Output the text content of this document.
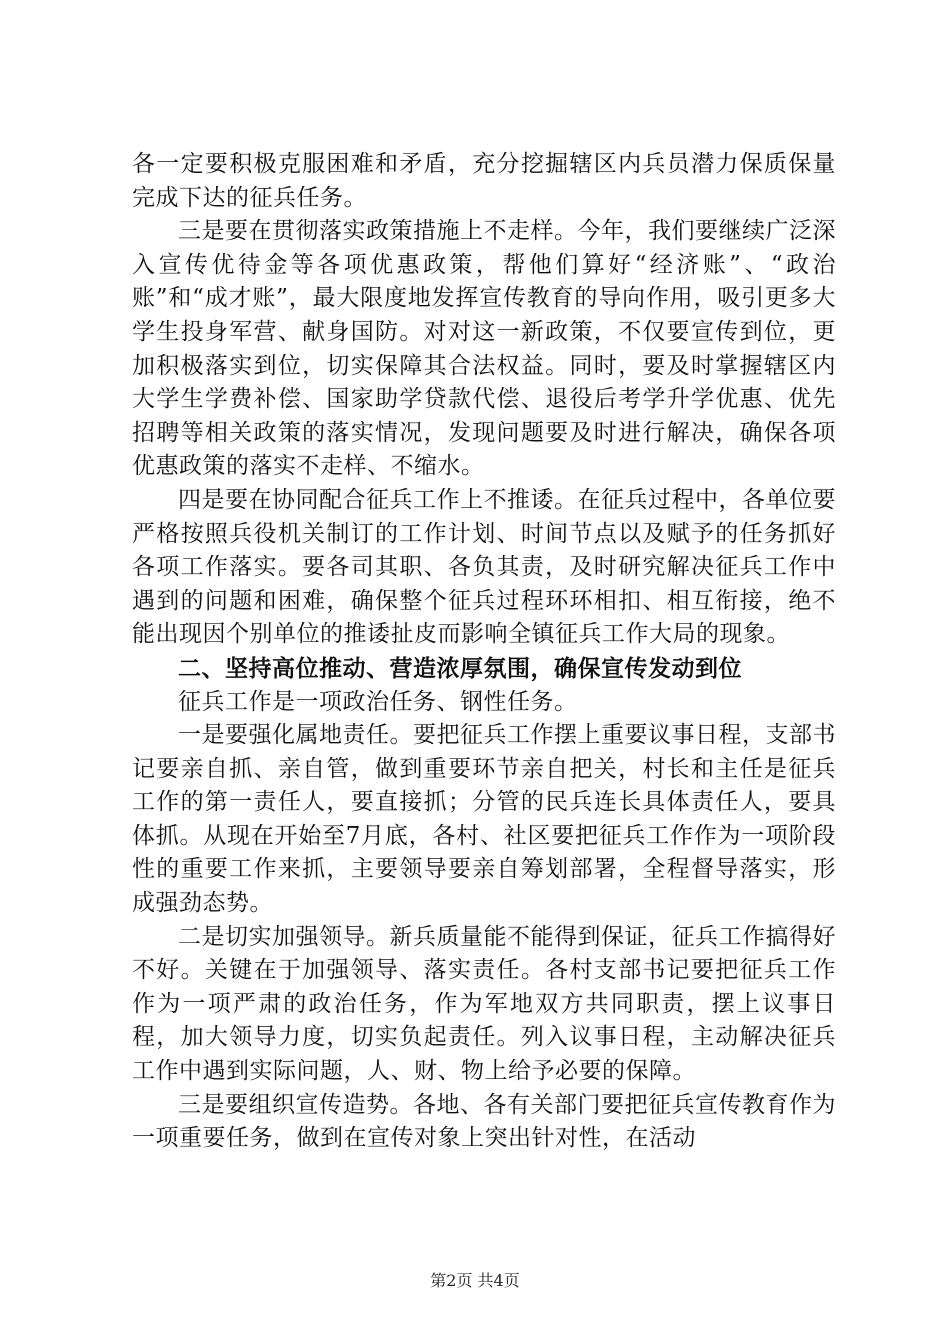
各一定要积极克服困难和矛盾，充分挖掘辖区内兵员潜力保质保量完成下达的征兵任务。

三是要在贯彻落实政策措施上不走样。今年，我们要继续广泛深入宣传优待金等各项优惠政策，帮他们算好“经济账”、“政治账”和“成才账”，最大限度地发挥宣传教育的导向作用，吸引更多大学生投身军营、献身国防。对对这一新政策，不仅要宣传到位，更加积极落实到位，切实保障其合法权益。同时，要及时掌握辖区内大学生学费补偿、国家助学贷款代偿、退役后考学升学优惠、优先招聘等相关政策的落实情况，发现问题要及时进行解决，确保各项优惠政策的落实不走样、不缩水。

四是要在协同配合征兵工作上不推诿。在征兵过程中，各单位要严格按照兵役机关制订的工作计划、时间节点以及赋予的任务抓好各项工作落实。要各司其职、各负其责，及时研究解决征兵工作中遇到的问题和困难，确保整个征兵过程环环相扣、相互衔接，绝不能出现因个别单位的推诿扯皮而影响全镇征兵工作大局的现象。

二、坚持高位推动、营造浓厚氛围，确保宣传发动到位

征兵工作是一项政治任务、钢性任务。

一是要强化属地责任。要把征兵工作摆上重要议事日程，支部书记要亲自抓、亲自管，做到重要环节亲自把关，村长和主任是征兵工作的第一责任人，要直接抓；分管的民兵连长具体责任人，要具体抓。从现在开始至7月底，各村、社区要把征兵工作作为一项阶段性的重要工作来抓，主要领导要亲自筹划部署，全程督导落实，形成强劲态势。

二是切实加强领导。新兵质量能不能得到保证，征兵工作搞得好不好。关键在于加强领导、落实责任。各村支部书记要把征兵工作作为一项严肃的政治任务，作为军地双方共同职责，摆上议事日程，加大领导力度，切实负起责任。列入议事日程，主动解决征兵工作中遇到实际问题，人、财、物上给予必要的保障。

三是要组织宣传造势。各地、各有关部门要把征兵宣传教育作为一项重要任务，做到在宣传对象上突出针对性，在活动

第2页 共4页
